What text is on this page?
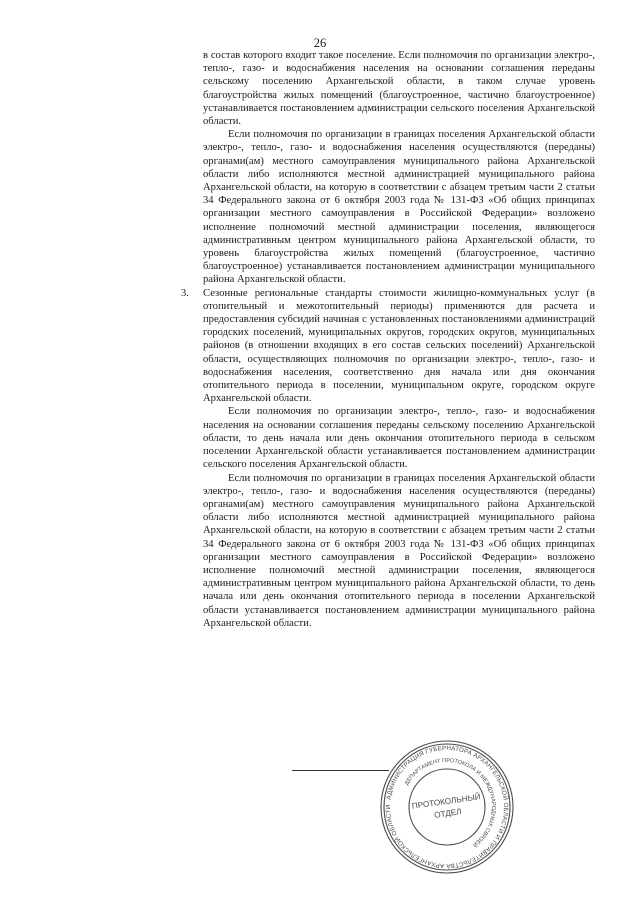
26

в состав которого входит такое поселение. Если полномочия по организации электро-, тепло-, газо- и водоснабжения населения на основании соглашения переданы сельскому поселению Архангельской области, в таком случае уровень благоустройства жилых помещений (благоустроенное, частично благоустроенное) устанавливается постановлением администрации сельского поселения Архангельской области.

Если полномочия по организации в границах поселения Архангельской области электро-, тепло-, газо- и водоснабжения населения осуществляются (переданы) органами(ам) местного самоуправления муниципального района Архангельской области либо исполняются местной администрацией муниципального района Архангельской области, на которую в соответствии с абзацем третьим части 2 статьи 34 Федерального закона от 6 октября 2003 года № 131-ФЗ «Об общих принципах организации местного самоуправления в Российской Федерации» возложено исполнение полномочий местной администрации поселения, являющегося административным центром муниципального района Архангельской области, то уровень благоустройства жилых помещений (благоустроенное, частично благоустроенное) устанавливается постановлением администрации муниципального района Архангельской области.

3. Сезонные региональные стандарты стоимости жилищно-коммунальных услуг (в отопительный и межотопительный периоды) применяются для расчета и предоставления субсидий начиная с установленных постановлениями администраций городских поселений, муниципальных округов, городских округов, муниципальных районов (в отношении входящих в его состав сельских поселений) Архангельской области, осуществляющих полномочия по организации электро-, тепло-, газо- и водоснабжения населения, соответственно дня начала или дня окончания отопительного периода в поселении, муниципальном округе, городском округе Архангельской области.

Если полномочия по организации электро-, тепло-, газо- и водоснабжения населения на основании соглашения переданы сельскому поселению Архангельской области, то день начала или день окончания отопительного периода в сельском поселении Архангельской области устанавливается постановлением администрации сельского поселения Архангельской области.

Если полномочия по организации в границах поселения Архангельской области электро-, тепло-, газо- и водоснабжения населения осуществляются (переданы) органами(ам) местного самоуправления муниципального района Архангельской области либо исполняются местной администрацией муниципального района Архангельской области, на которую в соответствии с абзацем третьим части 2 статьи 34 Федерального закона от 6 октября 2003 года № 131-ФЗ «Об общих принципах организации местного самоуправления в Российской Федерации» возложено исполнение полномочий местной администрации поселения, являющегося административным центром муниципального района Архангельской области, то день начала или день окончания отопительного периода в поселении Архангельской области устанавливается постановлением администрации муниципального района Архангельской области.

АДМИНИСТРАЦИЯ ГУБЕРНАТОРА АРХАНГЕЛЬСКОЙ ОБЛАСТИ И ПРАВИТЕЛЬСТВА АРХАНГЕЛЬСКОЙ ОБЛАСТИ
ДЕПАРТАМЕНТ ПРОТОКОЛА И МЕЖДУНАРОДНЫХ СВЯЗЕЙ
ПРОТОКОЛЬНЫЙ
ОТДЕЛ
